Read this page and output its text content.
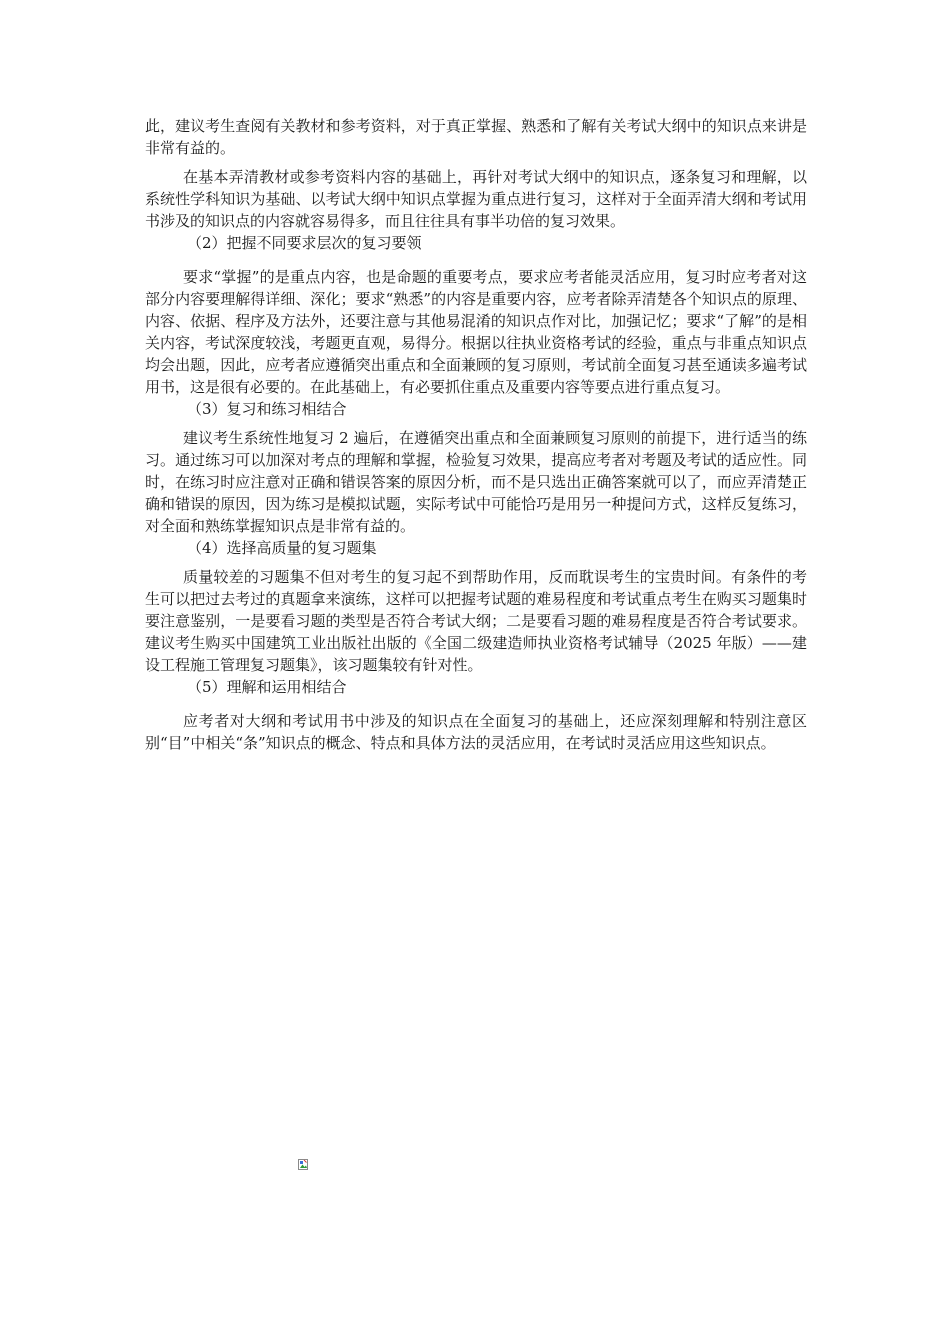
此，建议考生查阅有关教材和参考资料，对于真正掌握、熟悉和了解有关考试大纲中的知识点来讲是非常有益的。

在基本弄清教材或参考资料内容的基础上，再针对考试大纲中的知识点，逐条复习和理解，以系统性学科知识为基础、以考试大纲中知识点掌握为重点进行复习，这样对于全面弄清大纲和考试用书涉及的知识点的内容就容易得多，而且往往具有事半功倍的复习效果。

（2）把握不同要求层次的复习要领

要求“掌握”的是重点内容，也是命题的重要考点，要求应考者能灵活应用，复习时应考者对这部分内容要理解得详细、深化；要求“熟悉”的内容是重要内容，应考者除弄清楚各个知识点的原理、内容、依据、程序及方法外，还要注意与其他易混淆的知识点作对比，加强记忆；要求“了解”的是相关内容，考试深度较浅，考题更直观，易得分。根据以往执业资格考试的经验，重点与非重点知识点均会出题，因此，应考者应遵循突出重点和全面兼顾的复习原则，考试前全面复习甚至通读多遍考试用书，这是很有必要的。在此基础上，有必要抓住重点及重要内容等要点进行重点复习。

（3）复习和练习相结合

建议考生系统性地复习 2 遍后，在遵循突出重点和全面兼顾复习原则的前提下，进行适当的练习。通过练习可以加深对考点的理解和掌握，检验复习效果，提高应考者对考题及考试的适应性。同时，在练习时应注意对正确和错误答案的原因分析，而不是只选出正确答案就可以了，而应弄清楚正确和错误的原因，因为练习是模拟试题，实际考试中可能恰巧是用另一种提问方式，这样反复练习，对全面和熟练掌握知识点是非常有益的。

（4）选择高质量的复习题集

质量较差的习题集不但对考生的复习起不到帮助作用，反而耽误考生的宝贵时间。有条件的考生可以把过去考过的真题拿来演练，这样可以把握考试题的难易程度和考试重点考生在购买习题集时要注意鉴别，一是要看习题的类型是否符合考试大纲；二是要看习题的难易程度是否符合考试要求。建议考生购买中国建筑工业出版社出版的《全国二级建造师执业资格考试辅导（2025 年版）——建设工程施工管理复习题集》，该习题集较有针对性。

（5）理解和运用相结合

应考者对大纲和考试用书中涉及的知识点在全面复习的基础上，还应深刻理解和特别注意区别“目”中相关“条”知识点的概念、特点和具体方法的灵活应用，在考试时灵活应用这些知识点。
